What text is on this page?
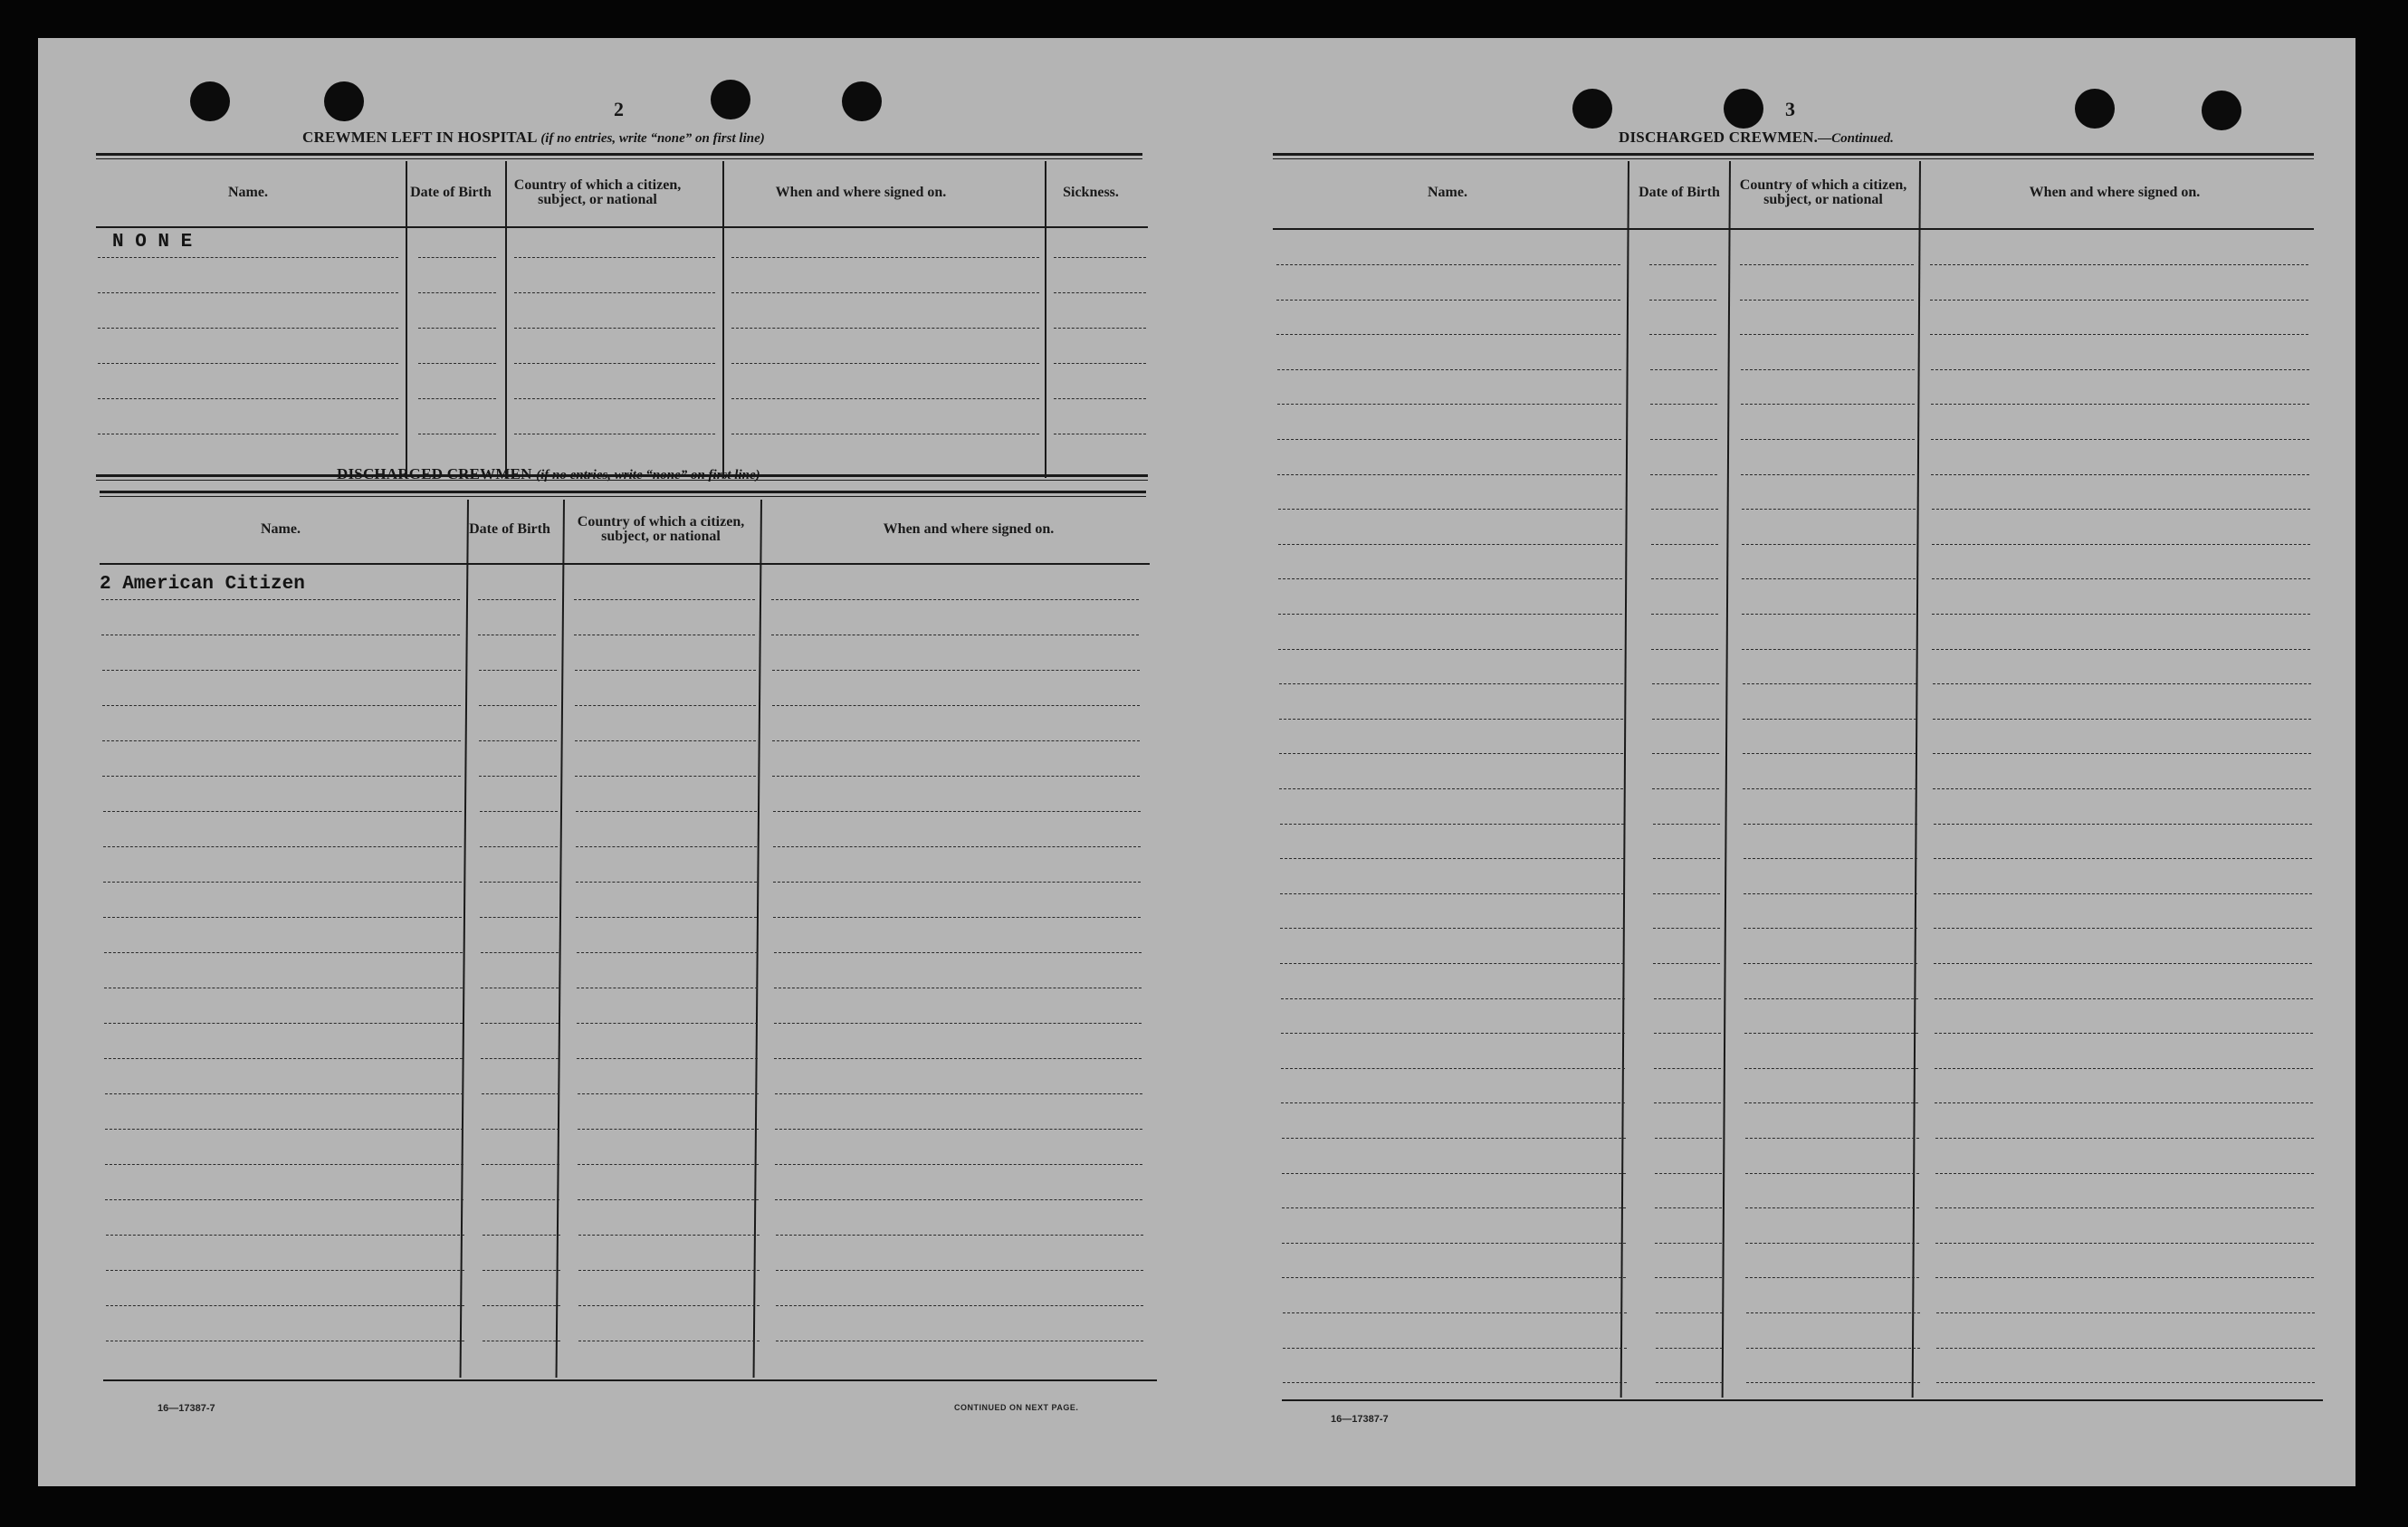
2
CREWMEN LEFT IN HOSPITAL (if no entries, write “none” on first line)
Name.	Date of Birth	Country of which a citizen, subject, or national	When and where signed on.	Sickness.
N O N E
DISCHARGED CREWMEN (if no entries, write “none” on first line)
Name.	Date of Birth	Country of which a citizen, subject, or national	When and where signed on.
2 American Citizen
16—17387-7	CONTINUED ON NEXT PAGE.
3
DISCHARGED CREWMEN.—Continued.
Name.	Date of Birth	Country of which a citizen, subject, or national	When and where signed on.
16—17387-7
